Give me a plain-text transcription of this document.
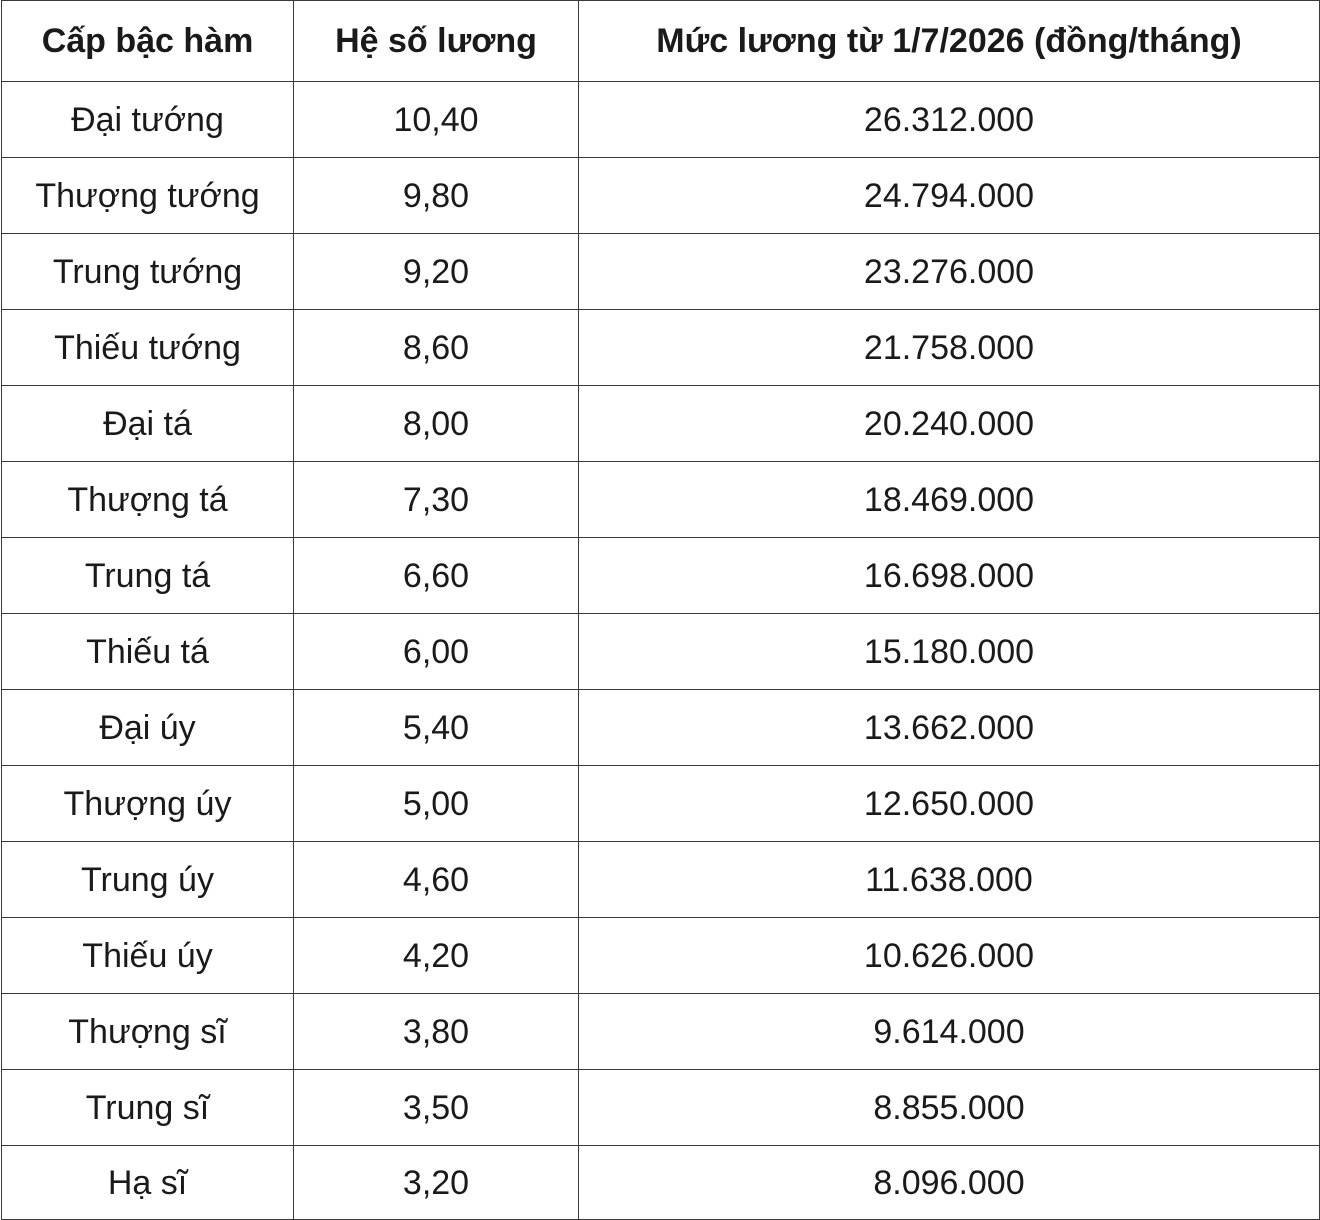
Cấp bậc hàm	Hệ số lương	Mức lương từ 1/7/2026 (đồng/tháng)
Đại tướng	10,40	26.312.000
Thượng tướng	9,80	24.794.000
Trung tướng	9,20	23.276.000
Thiếu tướng	8,60	21.758.000
Đại tá	8,00	20.240.000
Thượng tá	7,30	18.469.000
Trung tá	6,60	16.698.000
Thiếu tá	6,00	15.180.000
Đại úy	5,40	13.662.000
Thượng úy	5,00	12.650.000
Trung úy	4,60	11.638.000
Thiếu úy	4,20	10.626.000
Thượng sĩ	3,80	9.614.000
Trung sĩ	3,50	8.855.000
Hạ sĩ	3,20	8.096.000
